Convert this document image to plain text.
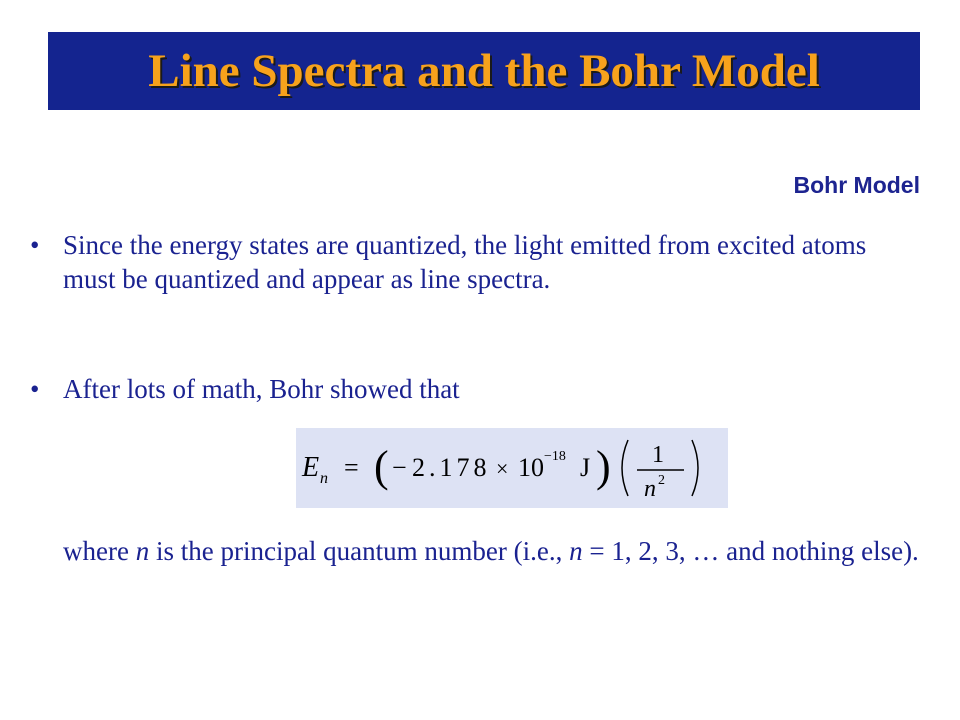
Line Spectra and the Bohr Model
Bohr Model
• Since the energy states are quantized, the light emitted from excited atoms must be quantized and appear as line spectra.
• After lots of math, Bohr showed that
E n = ( − 2.178 × 10 −18 J ) 1
n 2
where n is the principal quantum number (i.e., n = 1, 2, 3, … and nothing else).
